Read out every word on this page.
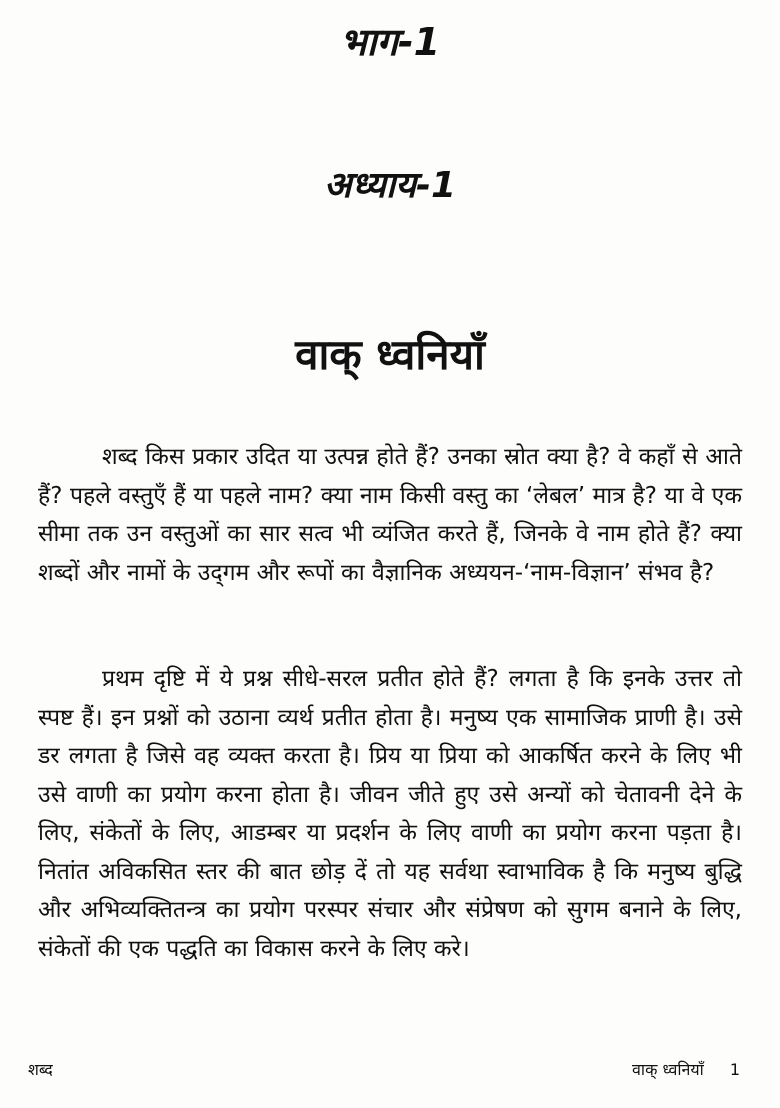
भाग-1
अध्याय-1
वाक् ध्वनियाँ

शब्द किस प्रकार उदित या उत्पन्न होते हैं? उनका स्रोत क्या है? वे कहाँ से आते हैं? पहले वस्तुएँ हैं या पहले नाम? क्या नाम किसी वस्तु का ‘लेबल’ मात्र है? या वे एक सीमा तक उन वस्तुओं का सार सत्व भी व्यंजित करते हैं, जिनके वे नाम होते हैं? क्या शब्दों और नामों के उद्‌गम और रूपों का वैज्ञानिक अध्ययन-‘नाम-विज्ञान’ संभव है?

प्रथम दृष्टि में ये प्रश्न सीधे-सरल प्रतीत होते हैं? लगता है कि इनके उत्तर तो स्पष्ट हैं। इन प्रश्नों को उठाना व्यर्थ प्रतीत होता है। मनुष्य एक सामाजिक प्राणी है। उसे डर लगता है जिसे वह व्यक्त करता है। प्रिय या प्रिया को आकर्षित करने के लिए भी उसे वाणी का प्रयोग करना होता है। जीवन जीते हुए उसे अन्यों को चेतावनी देने के लिए, संकेतों के लिए, आडम्बर या प्रदर्शन के लिए वाणी का प्रयोग करना पड़ता है। नितांत अविकसित स्तर की बात छोड़ दें तो यह सर्वथा स्वाभाविक है कि मनुष्य बुद्धि और अभिव्यक्तितन्त्र का प्रयोग परस्पर संचार और संप्रेषण को सुगम बनाने के लिए, संकेतों की एक पद्धति का विकास करने के लिए करे।

शब्द	वाक् ध्वनियाँ 1
